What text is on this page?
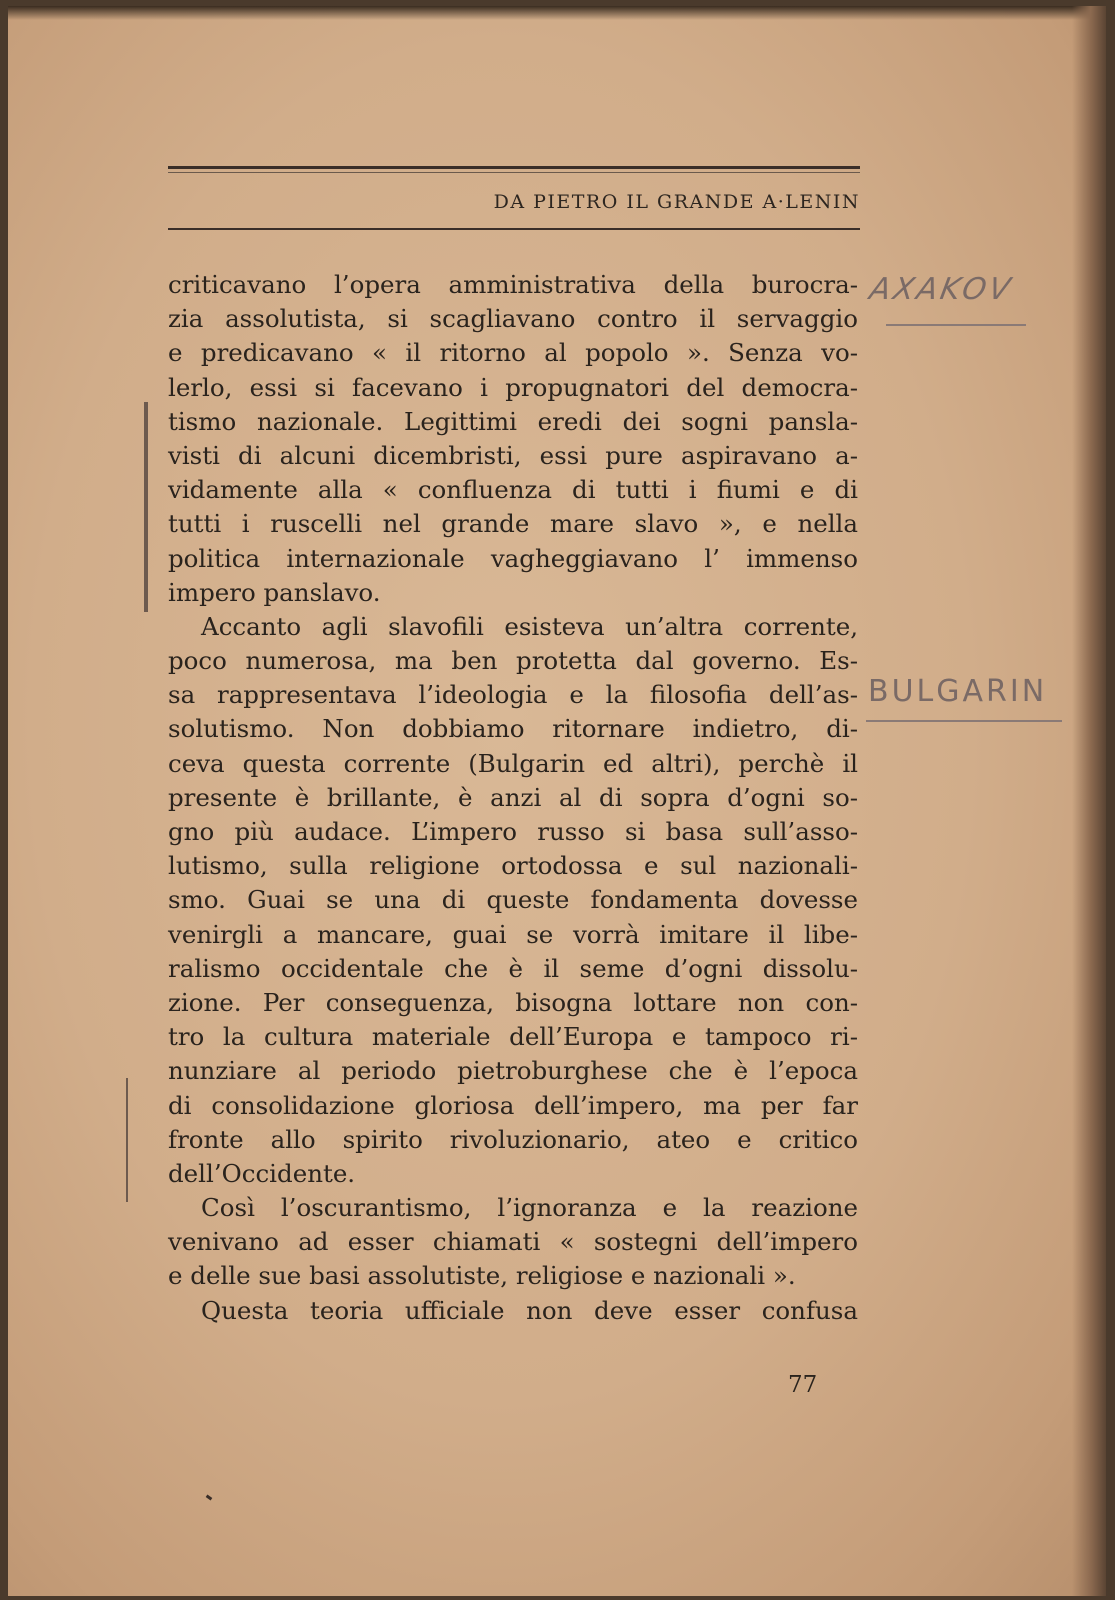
DA PIETRO IL GRANDE A·LENIN
criticavano l’opera amministrativa della burocra-
zia assolutista, si scagliavano contro il servaggio
e predicavano « il ritorno al popolo ». Senza vo-
lerlo, essi si facevano i propugnatori del democra-
tismo nazionale. Legittimi eredi dei sogni pansla-
visti di alcuni dicembristi, essi pure aspiravano a-
vidamente alla « confluenza di tutti i fiumi e di
tutti i ruscelli nel grande mare slavo », e nella
politica internazionale vagheggiavano l’ immenso
impero panslavo.
Accanto agli slavofili esisteva un’altra corrente,
poco numerosa, ma ben protetta dal governo. Es-
sa rappresentava l’ideologia e la filosofia dell’as-
solutismo. Non dobbiamo ritornare indietro, di-
ceva questa corrente (Bulgarin ed altri), perchè il
presente è brillante, è anzi al di sopra d’ogni so-
gno più audace. L’impero russo si basa sull’asso-
lutismo, sulla religione ortodossa e sul nazionali-
smo. Guai se una di queste fondamenta dovesse
venirgli a mancare, guai se vorrà imitare il libe-
ralismo occidentale che è il seme d’ogni dissolu-
zione. Per conseguenza, bisogna lottare non con-
tro la cultura materiale dell’Europa e tampoco ri-
nunziare al periodo pietroburghese che è l’epoca
di consolidazione gloriosa dell’impero, ma per far
fronte allo spirito rivoluzionario, ateo e critico
dell’Occidente.
Così l’oscurantismo, l’ignoranza e la reazione
venivano ad esser chiamati « sostegni dell’impero
e delle sue basi assolutiste, religiose e nazionali ».
Questa teoria ufficiale non deve esser confusa
77
AXAKOV
BULGARIN
